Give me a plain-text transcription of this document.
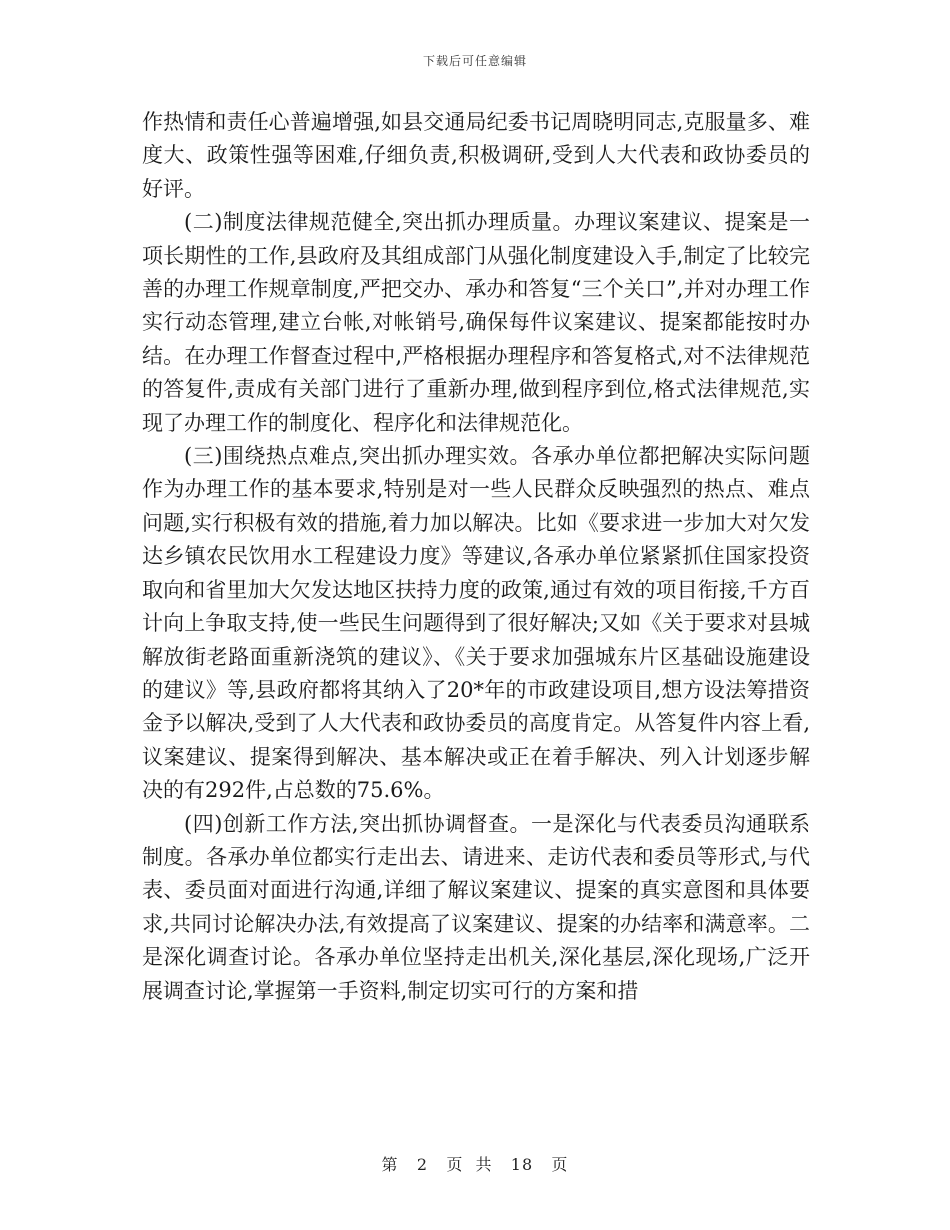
下载后可任意编辑

作热情和责任心普遍增强,如县交通局纪委书记周晓明同志,克服量多、难度大、政策性强等困难,仔细负责,积极调研,受到人大代表和政协委员的好评。

(二)制度法律规范健全,突出抓办理质量。办理议案建议、提案是一项长期性的工作,县政府及其组成部门从强化制度建设入手,制定了比较完善的办理工作规章制度,严把交办、承办和答复“三个关口”,并对办理工作实行动态管理,建立台帐,对帐销号,确保每件议案建议、提案都能按时办结。在办理工作督查过程中,严格根据办理程序和答复格式,对不法律规范的答复件,责成有关部门进行了重新办理,做到程序到位,格式法律规范,实现了办理工作的制度化、程序化和法律规范化。

(三)围绕热点难点,突出抓办理实效。各承办单位都把解决实际问题作为办理工作的基本要求,特别是对一些人民群众反映强烈的热点、难点问题,实行积极有效的措施,着力加以解决。比如《要求进一步加大对欠发达乡镇农民饮用水工程建设力度》等建议,各承办单位紧紧抓住国家投资取向和省里加大欠发达地区扶持力度的政策,通过有效的项目衔接,千方百计向上争取支持,使一些民生问题得到了很好解决;又如《关于要求对县城解放街老路面重新浇筑的建议》、《关于要求加强城东片区基础设施建设的建议》等,县政府都将其纳入了20*年的市政建设项目,想方设法筹措资金予以解决,受到了人大代表和政协委员的高度肯定。从答复件内容上看,议案建议、提案得到解决、基本解决或正在着手解决、列入计划逐步解决的有292件,占总数的75.6%。

(四)创新工作方法,突出抓协调督查。一是深化与代表委员沟通联系制度。各承办单位都实行走出去、请进来、走访代表和委员等形式,与代表、委员面对面进行沟通,详细了解议案建议、提案的真实意图和具体要求,共同讨论解决办法,有效提高了议案建议、提案的办结率和满意率。二是深化调查讨论。各承办单位坚持走出机关,深化基层,深化现场,广泛开展调查讨论,掌握第一手资料,制定切实可行的方案和措

第 2 页  共 18 页
